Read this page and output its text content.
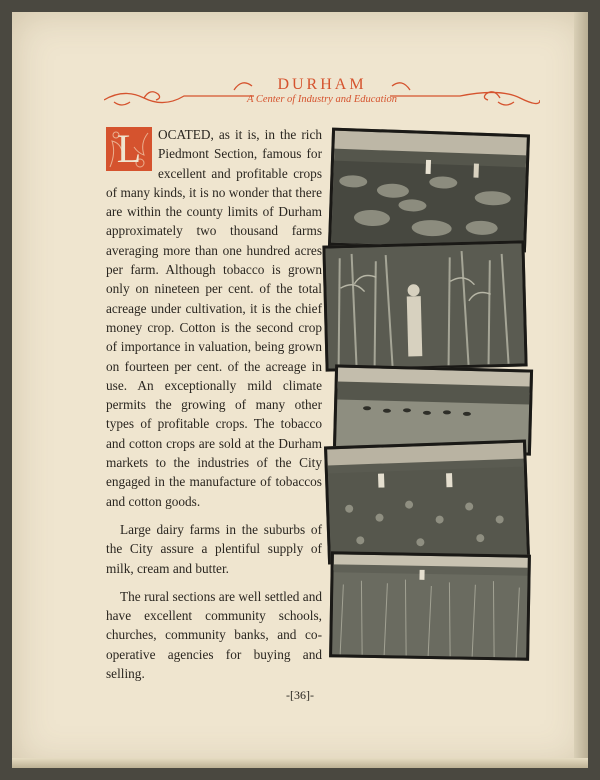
DURHAM
A Center of Industry and Education

L	OCATED, as it is, in the rich Piedmont Section, famous for excellent and profitable crops of many kinds, it is no wonder that there are within the county limits of Durham approximately two thousand farms averaging more than one hundred acres per farm. Although tobacco is grown only on nineteen per cent. of the total acreage under cultivation, it is the chief money crop. Cotton is the second crop of importance in valuation, being grown on fourteen per cent. of the acreage in use. An exceptionally mild climate permits the growing of many other types of profitable crops. The tobacco and cotton crops are sold at the Durham markets to the industries of the City engaged in the manufacture of tobaccos and cotton goods.

Large dairy farms in the suburbs of the City assure a plentiful supply of milk, cream and butter.

The rural sections are well settled and have excellent community schools, churches, community banks, and co-operative agencies for buying and selling.

-[36]-
